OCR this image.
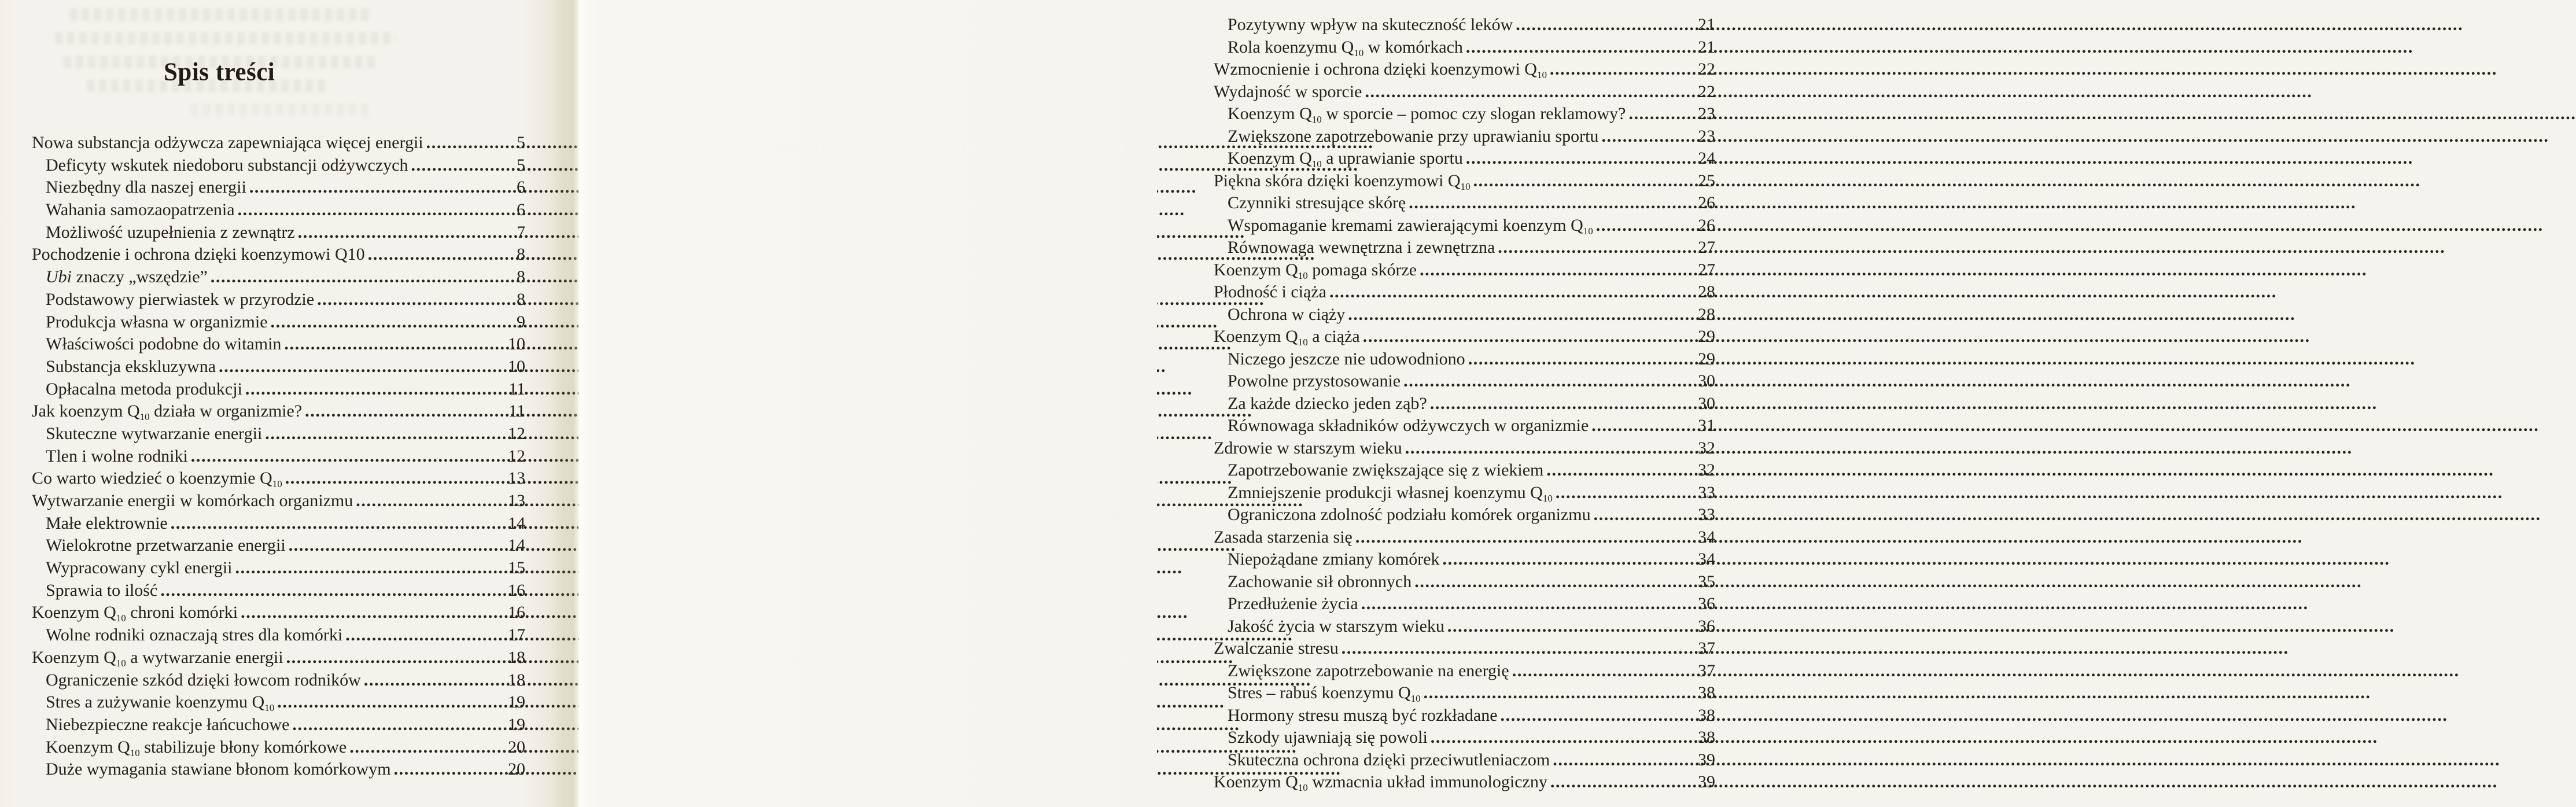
Spis treści
Nowa substancja odżywcza zapewniająca więcej energii .....	5
Deficyty wskutek niedoboru substancji odżywczych .....	5
Niezbędny dla naszej energii .....	6
Wahania samozaopatrzenia .....	6
Możliwość uzupełnienia z zewnątrz .....	7
Pochodzenie i ochrona dzięki koenzymowi Q10 .....	8
Ubi znaczy „wszędzie” .....	8
Podstawowy pierwiastek w przyrodzie .....	8
Produkcja własna w organizmie .....	9
Właściwości podobne do witamin .....	10
Substancja ekskluzywna .....	10
Opłacalna metoda produkcji .....	11
Jak koenzym $Q_{10}$ działa w organizmie? .....	11
Skuteczne wytwarzanie energii .....	12
Tlen i wolne rodniki .....	12
Co warto wiedzieć o koenzymie $Q_{10}$ .....	13
Wytwarzanie energii w komórkach organizmu .....	13
Małe elektrownie .....	14
Wielokrotne przetwarzanie energii .....	14
Wypracowany cykl energii .....	15
Sprawia to ilość .....	16
Koenzym $Q_{10}$ chroni komórki .....	16
Wolne rodniki oznaczają stres dla komórki .....	17
Koenzym $Q_{10}$ a wytwarzanie energii .....	18
Ograniczenie szkód dzięki łowcom rodników .....	18
Stres a zużywanie koenzymu $Q_{10}$ .....	19
Niebezpieczne reakcje łańcuchowe .....	19
Koenzym $Q_{10}$ stabilizuje błony komórkowe .....	20
Duże wymagania stawiane błonom komórkowym .....	20
Pozytywny wpływ na skuteczność leków .....	21
Rola koenzymu $Q_{10}$ w komórkach .....	21
Wzmocnienie i ochrona dzięki koenzymowi $Q_{10}$ .....	22
Wydajność w sporcie .....	22
Koenzym $Q_{10}$ w sporcie – pomoc czy slogan reklamowy? .....	23
Zwiększone zapotrzebowanie przy uprawianiu sportu .....	23
Koenzym $Q_{10}$ a uprawianie sportu .....	24
Piękna skóra dzięki koenzymowi $Q_{10}$ .....	25
Czynniki stresujące skórę .....	26
Wspomaganie kremami zawierającymi koenzym $Q_{10}$ .....	26
Równowaga wewnętrzna i zewnętrzna .....	27
Koenzym $Q_{10}$ pomaga skórze .....	27
Płodność i ciąża .....	28
Ochrona w ciąży .....	28
Koenzym $Q_{10}$ a ciąża .....	29
Niczego jeszcze nie udowodniono .....	29
Powolne przystosowanie .....	30
Za każde dziecko jeden ząb? .....	30
Równowaga składników odżywczych w organizmie .....	31
Zdrowie w starszym wieku .....	32
Zapotrzebowanie zwiększające się z wiekiem .....	32
Zmniejszenie produkcji własnej koenzymu $Q_{10}$ .....	33
Ograniczona zdolność podziału komórek organizmu .....	33
Zasada starzenia się .....	34
Niepożądane zmiany komórek .....	34
Zachowanie sił obronnych .....	35
Przedłużenie życia .....	36
Jakość życia w starszym wieku .....	36
Zwalczanie stresu .....	37
Zwiększone zapotrzebowanie na energię .....	37
Stres – rabuś koenzymu $Q_{10}$ .....	38
Hormony stresu muszą być rozkładane .....	38
Szkody ujawniają się powoli .....	38
Skuteczna ochrona dzięki przeciwutleniaczom .....	39
Koenzym $Q_{10}$ wzmacnia układ immunologiczny .....	39
